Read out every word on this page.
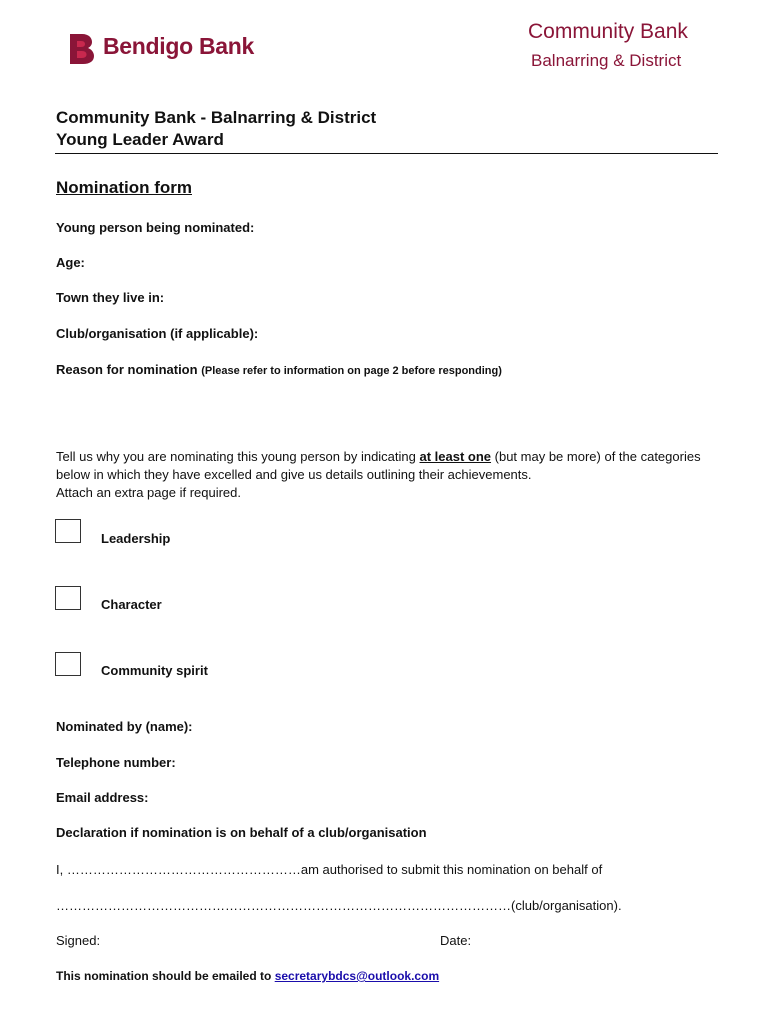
Bendigo Bank
Community Bank
Balnarring & District
Community Bank - Balnarring & District
Young Leader Award
Nomination form
Young person being nominated:
Age:
Town they live in:
Club/organisation (if applicable):
Reason for nomination (Please refer to information on page 2 before responding)
Tell us why you are nominating this young person by indicating at least one (but may be more) of the categories below in which they have excelled and give us details outlining their achievements.
Attach an extra page if required.
Leadership
Character
Community spirit
Nominated by (name):
Telephone number:
Email address:
Declaration if nomination is on behalf of a club/organisation
I, ………………………………………………am authorised to submit this nomination on behalf of
……………………………………………………………………………………………(club/organisation).
Signed:	Date:
This nomination should be emailed to secretarybdcs@outlook.com
